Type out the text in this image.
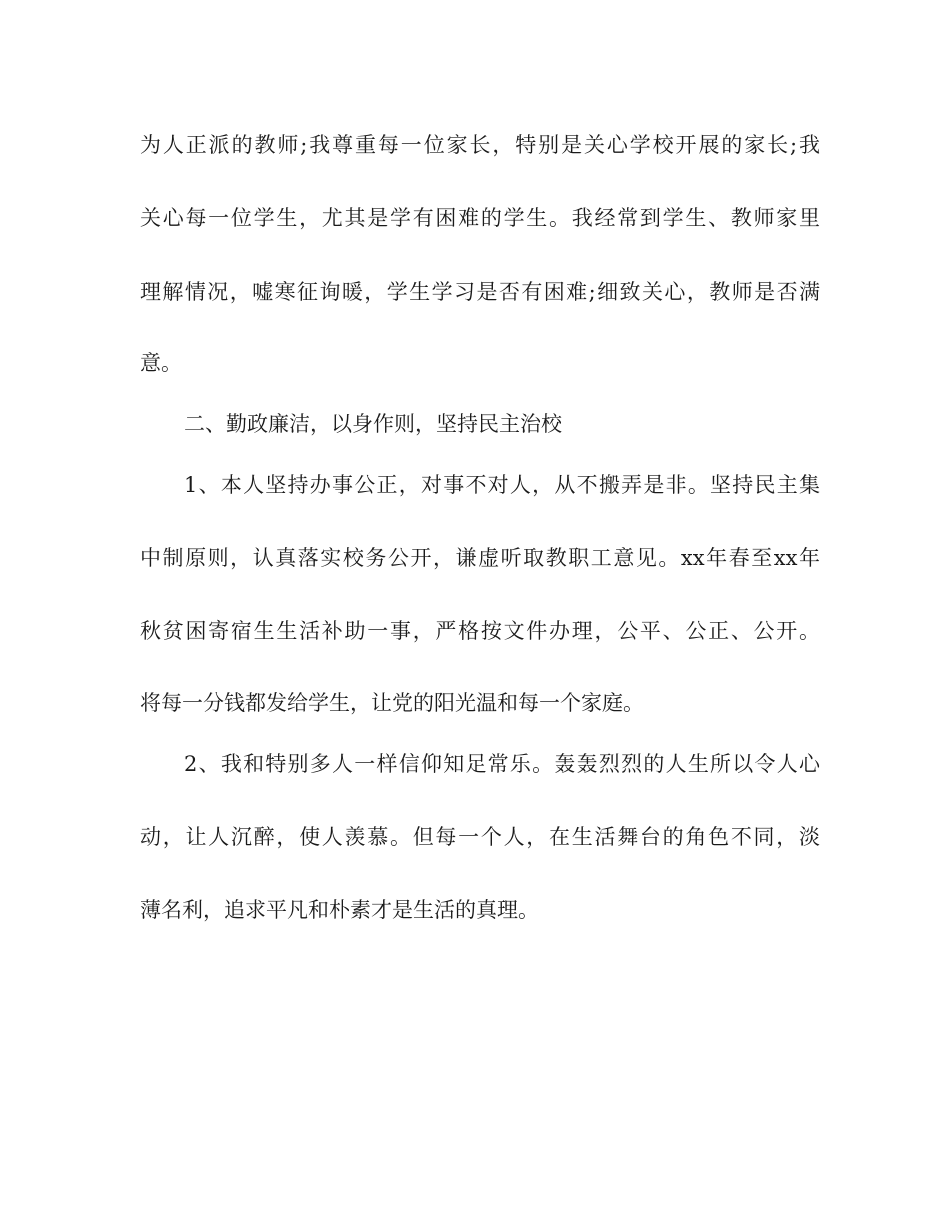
为人正派的教师;我尊重每一位家长，特别是关心学校开展的家长;我
关心每一位学生，尤其是学有困难的学生。我经常到学生、教师家里
理解情况，嘘寒征询暖，学生学习是否有困难;细致关心，教师是否满
意。
二、勤政廉洁，以身作则，坚持民主治校
1、本人坚持办事公正，对事不对人，从不搬弄是非。坚持民主集
中制原则，认真落实校务公开，谦虚听取教职工意见。xx年春至xx年
秋贫困寄宿生生活补助一事，严格按文件办理，公平、公正、公开。
将每一分钱都发给学生，让党的阳光温和每一个家庭。
2、我和特别多人一样信仰知足常乐。轰轰烈烈的人生所以令人心
动，让人沉醉，使人羡慕。但每一个人，在生活舞台的角色不同，淡
薄名利，追求平凡和朴素才是生活的真理。
